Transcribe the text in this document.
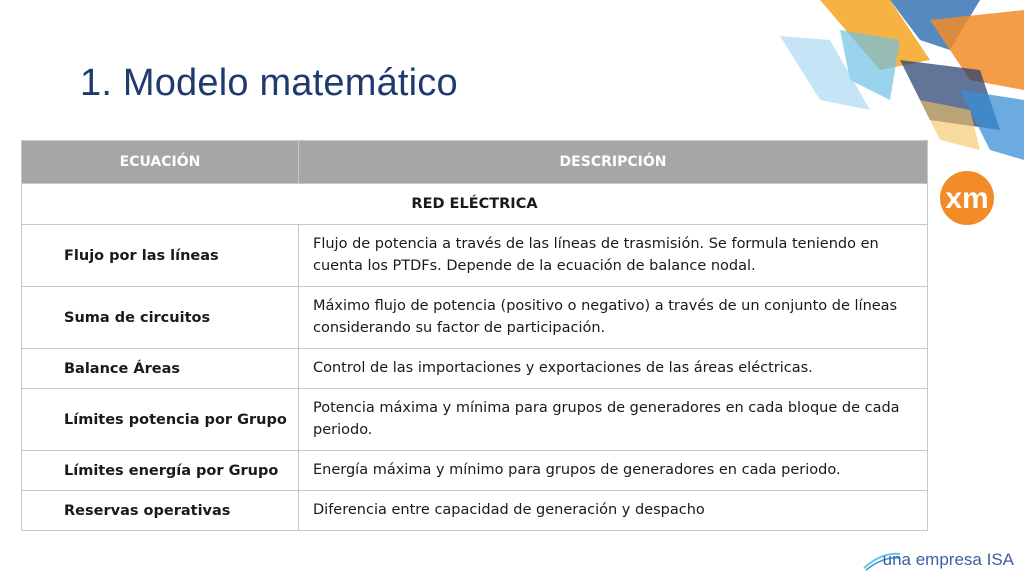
1. Modelo matemático
xm
ECUACIÓN	DESCRIPCIÓN
RED ELÉCTRICA	
Flujo por las líneas	Flujo de potencia a través de las líneas de trasmisión. Se formula teniendo en cuenta los PTDFs. Depende de la ecuación de balance nodal.
Suma de circuitos	Máximo flujo de potencia (positivo o negativo) a través de un conjunto de líneas considerando su factor de participación.
Balance Áreas	Control de las importaciones y exportaciones de las áreas eléctricas.
Límites potencia por Grupo	Potencia máxima y mínima para grupos de generadores en cada bloque de cada periodo.
Límites energía por Grupo	Energía máxima y mínimo para grupos de generadores en cada periodo.
Reservas operativas	Diferencia entre capacidad de generación y despacho
una empresa ISA
